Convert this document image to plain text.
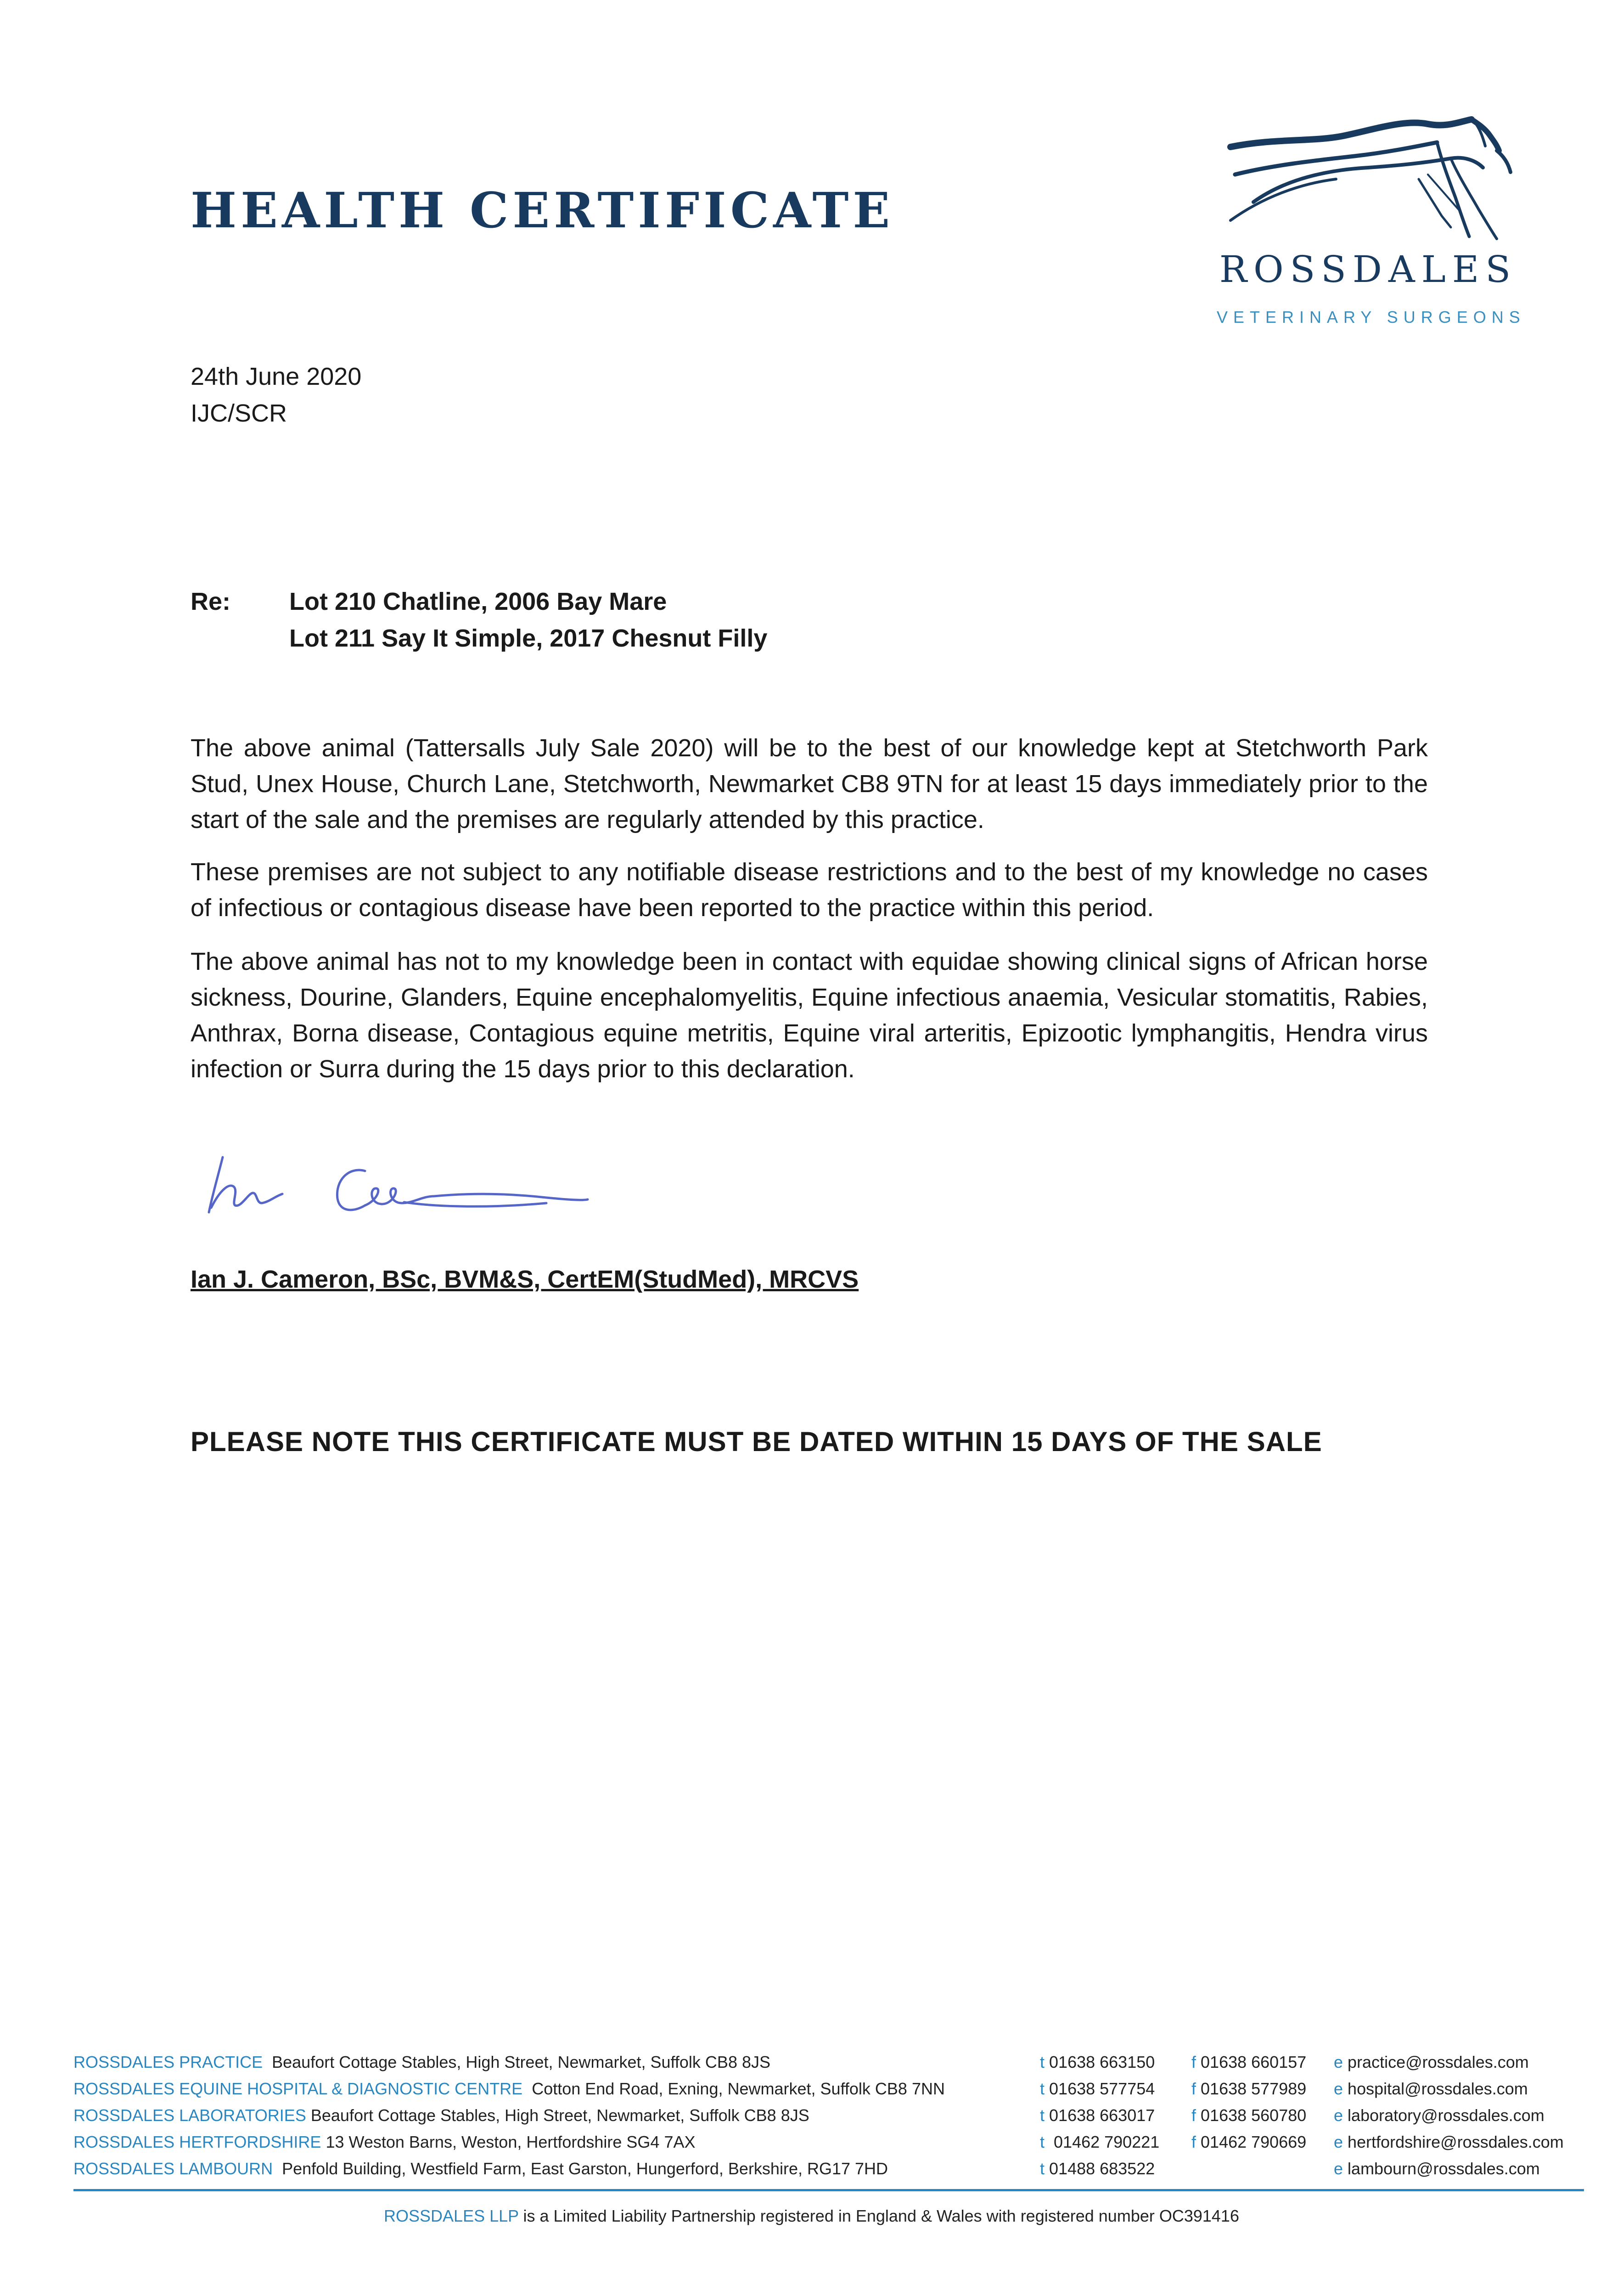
HEALTH CERTIFICATE
ROSSDALES
VETERINARY SURGEONS
24th June 2020
IJC/SCR
Re: Lot 210 Chatline, 2006 Bay Mare
Lot 211 Say It Simple, 2017 Chesnut Filly
The above animal (Tattersalls July Sale 2020) will be to the best of our knowledge kept at Stetchworth Park Stud, Unex House, Church Lane, Stetchworth, Newmarket CB8 9TN for at least 15 days immediately prior to the start of the sale and the premises are regularly attended by this practice.
These premises are not subject to any notifiable disease restrictions and to the best of my knowledge no cases of infectious or contagious disease have been reported to the practice within this period.
The above animal has not to my knowledge been in contact with equidae showing clinical signs of African horse sickness, Dourine, Glanders, Equine encephalomyelitis, Equine infectious anaemia, Vesicular stomatitis, Rabies, Anthrax, Borna disease, Contagious equine metritis, Equine viral arteritis, Epizootic lymphangitis, Hendra virus infection or Surra during the 15 days prior to this declaration.
Ian J. Cameron, BSc, BVM&S, CertEM(StudMed), MRCVS
PLEASE NOTE THIS CERTIFICATE MUST BE DATED WITHIN 15 DAYS OF THE SALE
ROSSDALES PRACTICE Beaufort Cottage Stables, High Street, Newmarket, Suffolk CB8 8JS	t 01638 663150 f 01638 660157 e practice@rossdales.com
ROSSDALES EQUINE HOSPITAL & DIAGNOSTIC CENTRE Cotton End Road, Exning, Newmarket, Suffolk CB8 7NN	t 01638 577754 f 01638 577989 e hospital@rossdales.com
ROSSDALES LABORATORIES Beaufort Cottage Stables, High Street, Newmarket, Suffolk CB8 8JS	t 01638 663017 f 01638 560780 e laboratory@rossdales.com
ROSSDALES HERTFORDSHIRE 13 Weston Barns, Weston, Hertfordshire SG4 7AX	t 01462 790221 f 01462 790669 e hertfordshire@rossdales.com
ROSSDALES LAMBOURN Penfold Building, Westfield Farm, East Garston, Hungerford, Berkshire, RG17 7HD	t 01488 683522	e lambourn@rossdales.com
ROSSDALES LLP is a Limited Liability Partnership registered in England & Wales with registered number OC391416
